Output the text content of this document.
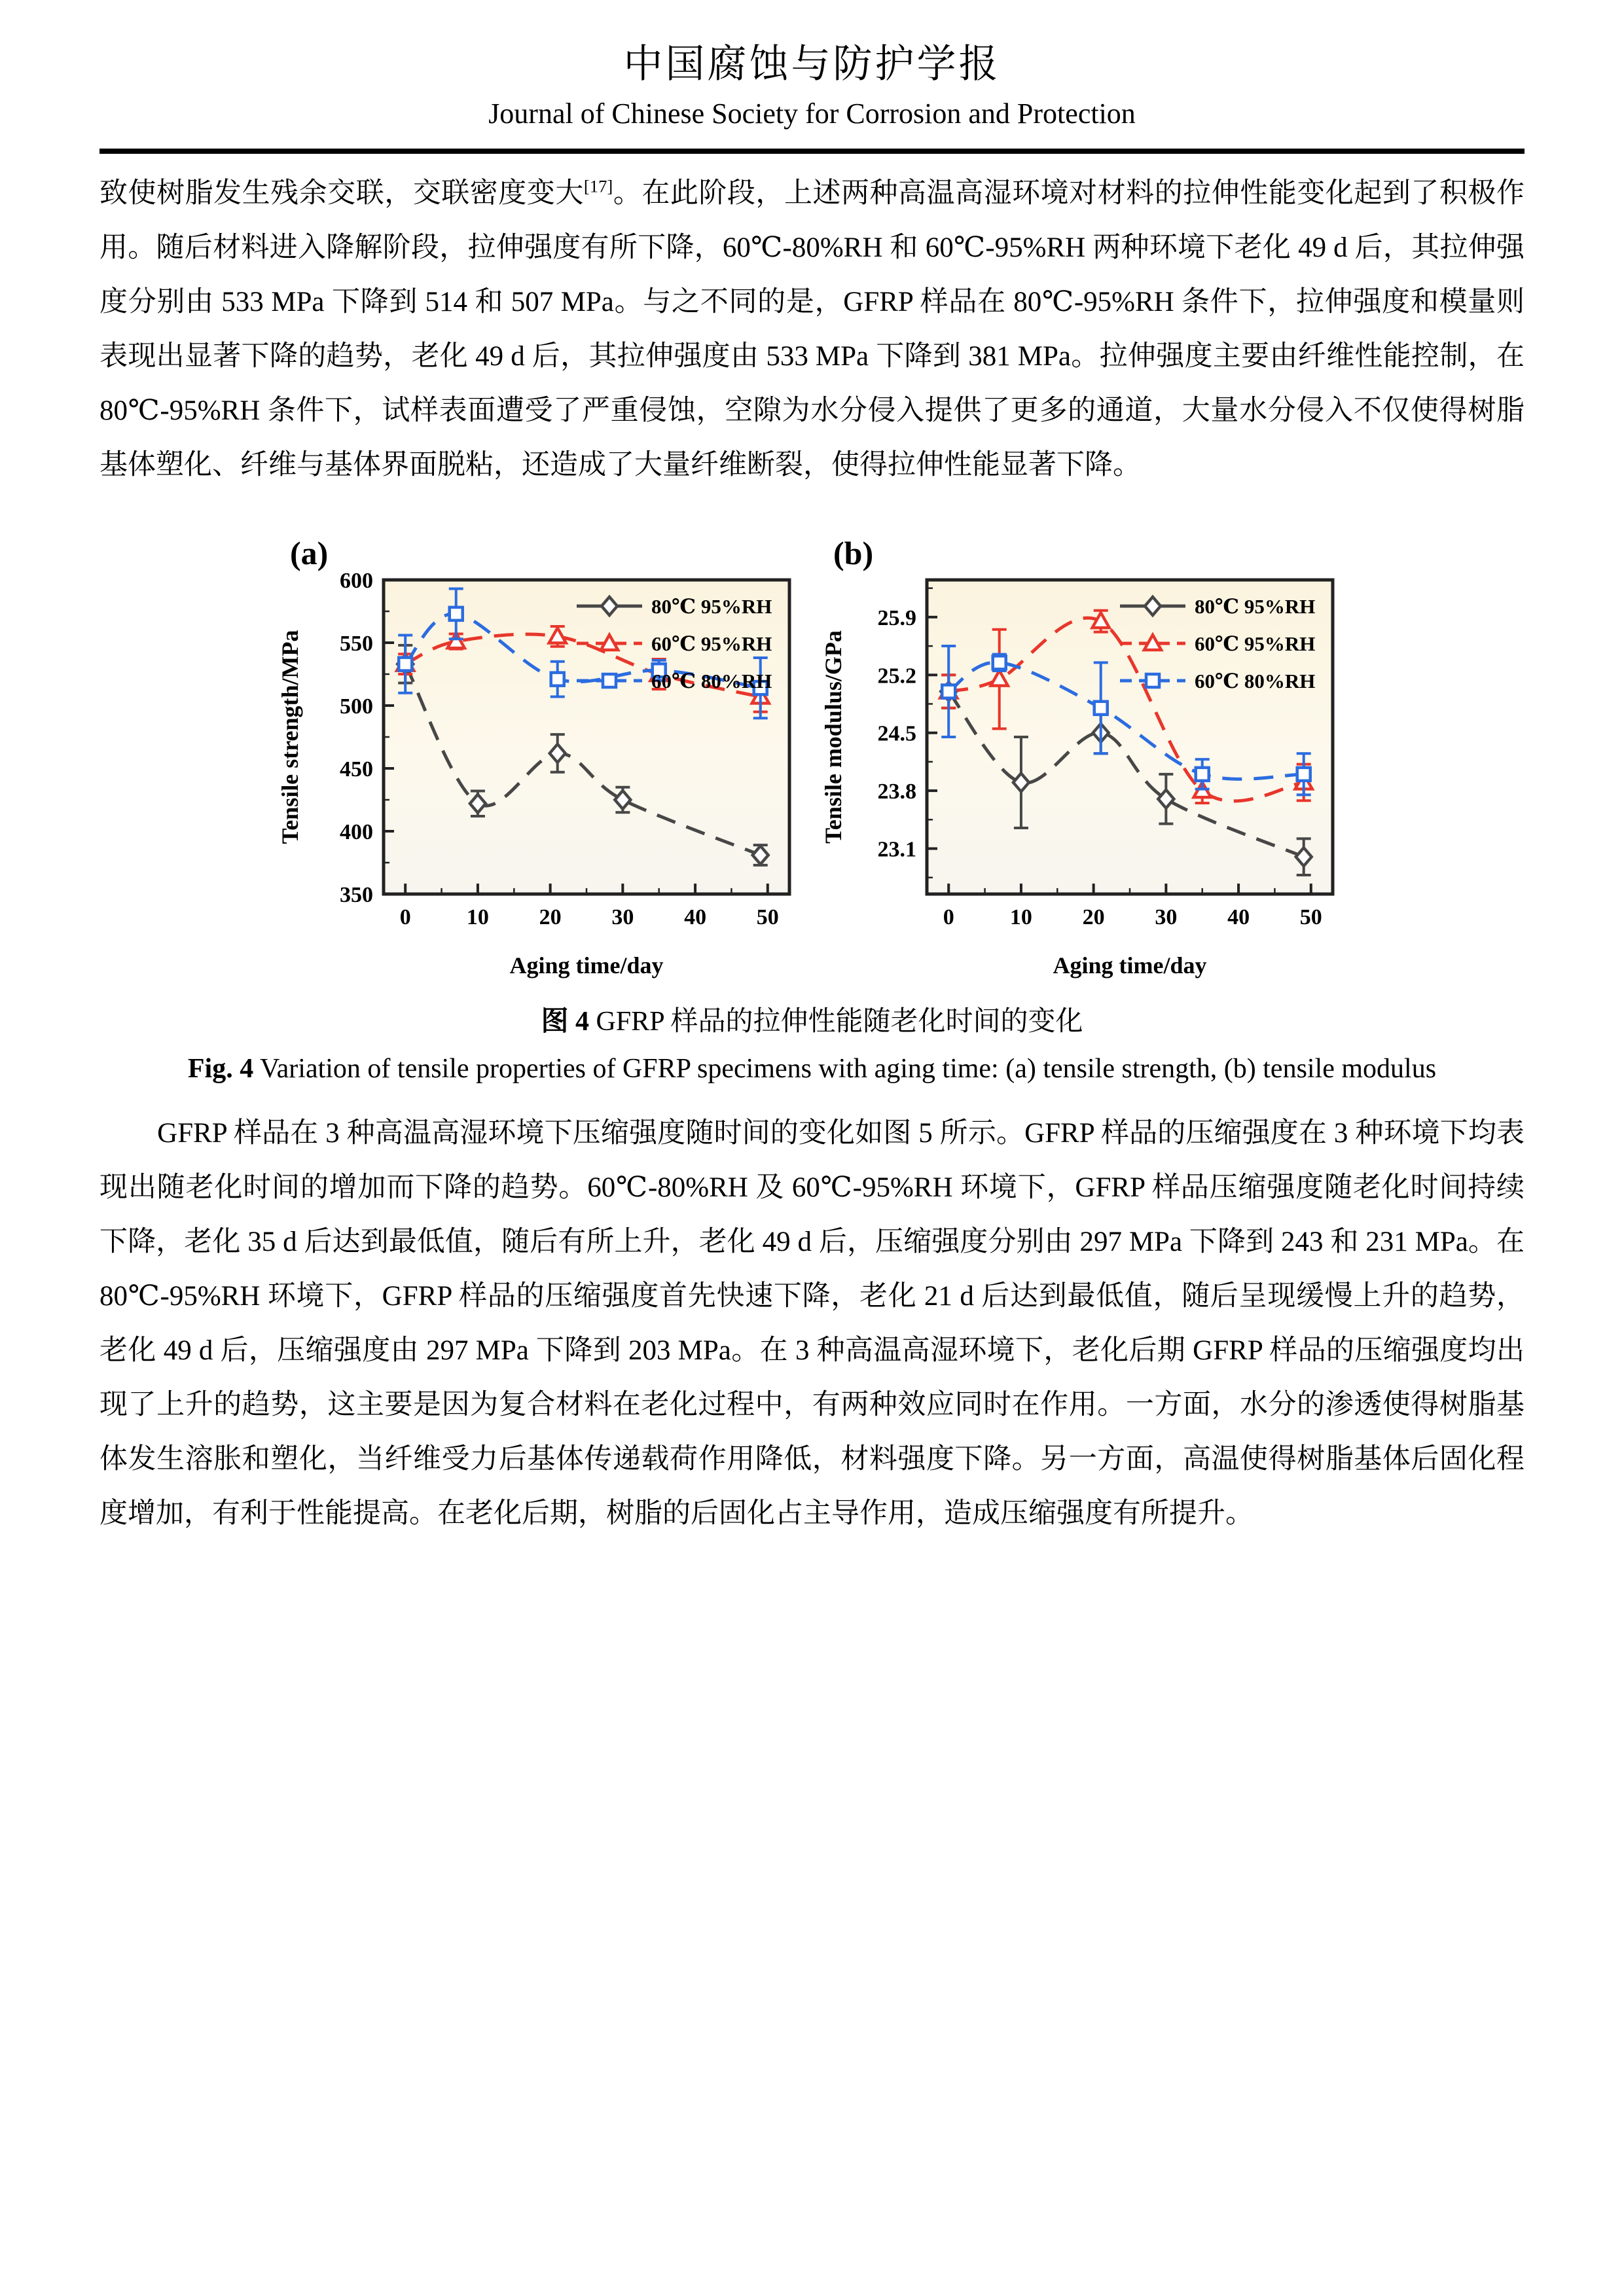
中国腐蚀与防护学报
Journal of Chinese Society for Corrosion and Protection

致使树脂发生残余交联，交联密度变大[17]。在此阶段，上述两种高温高湿环境对材料的拉伸性能变化起到了积极作用。随后材料进入降解阶段，拉伸强度有所下降，60℃-80%RH 和 60℃-95%RH 两种环境下老化 49 d 后，其拉伸强度分别由 533 MPa 下降到 514 和 507 MPa。与之不同的是，GFRP 样品在 80℃-95%RH 条件下，拉伸强度和模量则表现出显著下降的趋势，老化 49 d 后，其拉伸强度由 533 MPa 下降到 381 MPa。拉伸强度主要由纤维性能控制，在 80℃-95%RH 条件下，试样表面遭受了严重侵蚀，空隙为水分侵入提供了更多的通道，大量水分侵入不仅使得树脂基体塑化、纤维与基体界面脱粘，还造成了大量纤维断裂，使得拉伸性能显著下降。

0	10 20 30 40 50
350
400
450
500
550
600
Aging time/day
Tensile strength/MPa
(a)
80℃ 95%RH
60℃ 95%RH
60℃ 80%RH
0	10 20 30 40 50
23.1
23.8
24.5
25.2
25.9
Aging time/day
Tensile modulus/GPa
(b)
80℃ 95%RH
60℃ 95%RH
60℃ 80%RH
图 4 GFRP 样品的拉伸性能随老化时间的变化
Fig. 4 Variation of tensile properties of GFRP specimens with aging time: (a) tensile strength, (b) tensile modulus

GFRP 样品在 3 种高温高湿环境下压缩强度随时间的变化如图 5 所示。GFRP 样品的压缩强度在 3 种环境下均表现出随老化时间的增加而下降的趋势。60℃-80%RH 及 60℃-95%RH 环境下，GFRP 样品压缩强度随老化时间持续下降，老化 35 d 后达到最低值，随后有所上升，老化 49 d 后，压缩强度分别由 297 MPa 下降到 243 和 231 MPa。在 80℃-95%RH 环境下，GFRP 样品的压缩强度首先快速下降，老化 21 d 后达到最低值，随后呈现缓慢上升的趋势，老化 49 d 后，压缩强度由 297 MPa 下降到 203 MPa。在 3 种高温高湿环境下，老化后期 GFRP 样品的压缩强度均出现了上升的趋势，这主要是因为复合材料在老化过程中，有两种效应同时在作用。一方面，水分的渗透使得树脂基体发生溶胀和塑化，当纤维受力后基体传递载荷作用降低，材料强度下降。另一方面，高温使得树脂基体后固化程度增加，有利于性能提高。在老化后期，树脂的后固化占主导作用，造成压缩强度有所提升。
